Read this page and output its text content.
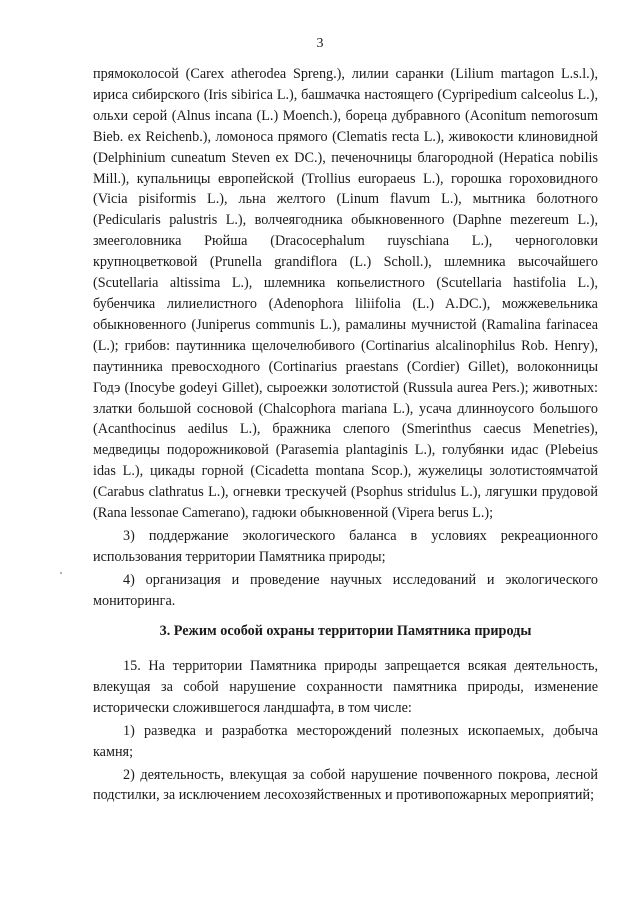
3

прямоколосой (Carex atherodea Spreng.), лилии саранки (Lilium martagon L.s.l.), ириса сибирского (Iris sibirica L.), башмачка настоящего (Cypripedium calceolus L.), ольхи серой (Alnus incana (L.) Moench.), бореца дубравного (Aconitum nemorosum Bieb. ex Reichenb.), ломоноса прямого (Clematis recta L.), живокости клиновидной (Delphinium cuneatum Steven ex DC.), печеночницы благородной (Hepatica nobilis Mill.), купальницы европейской (Trollius europaeus L.), горошка гороховидного (Vicia pisiformis L.), льна желтого (Linum flavum L.), мытника болотного (Pedicularis palustris L.), волчеягодника обыкновенного (Daphne mezereum L.), змееголовника Рюйша (Dracocephalum ruyschiana L.), черноголовки крупноцветковой (Prunella grandiflora (L.) Scholl.), шлемника высочайшего (Scutellaria altissima L.), шлемника копьелистного (Scutellaria hastifolia L.), бубенчика лилиелистного (Adenophora liliifolia (L.) A.DC.), можжевельника обыкновенного (Juniperus communis L.), рамалины мучнистой (Ramalina farinacea (L.); грибов: паутинника щелочелюбивого (Cortinarius alcalinophilus Rob. Henry), паутинника превосходного (Cortinarius praestans (Cordier) Gillet), волоконницы Годэ (Inocybe godeyi Gillet), сыроежки золотистой (Russula aurea Pers.); животных: златки большой сосновой (Chalcophora mariana L.), усача длинноусого большого (Acanthocinus aedilus L.), бражника слепого (Smerinthus caecus Menetries), медведицы подорожниковой (Parasemia plantaginis L.), голубянки идас (Plebeius idas L.), цикады горной (Cicadetta montana Scop.), жужелицы золотистоямчатой (Carabus clathratus L.), огневки трескучей (Psophus stridulus L.), лягушки прудовой (Rana lessonae Camerano), гадюки обыкновенной (Vipera berus L.);

3) поддержание экологического баланса в условиях рекреационного использования территории Памятника природы;

4) организация и проведение научных исследований и экологического мониторинга.

3. Режим особой охраны территории Памятника природы

15. На территории Памятника природы запрещается всякая деятельность, влекущая за собой нарушение сохранности памятника природы, изменение исторически сложившегося ландшафта, в том числе:

1) разведка и разработка месторождений полезных ископаемых, добыча камня;

2) деятельность, влекущая за собой нарушение почвенного покрова, лесной подстилки, за исключением лесохозяйственных и противопожарных мероприятий;
